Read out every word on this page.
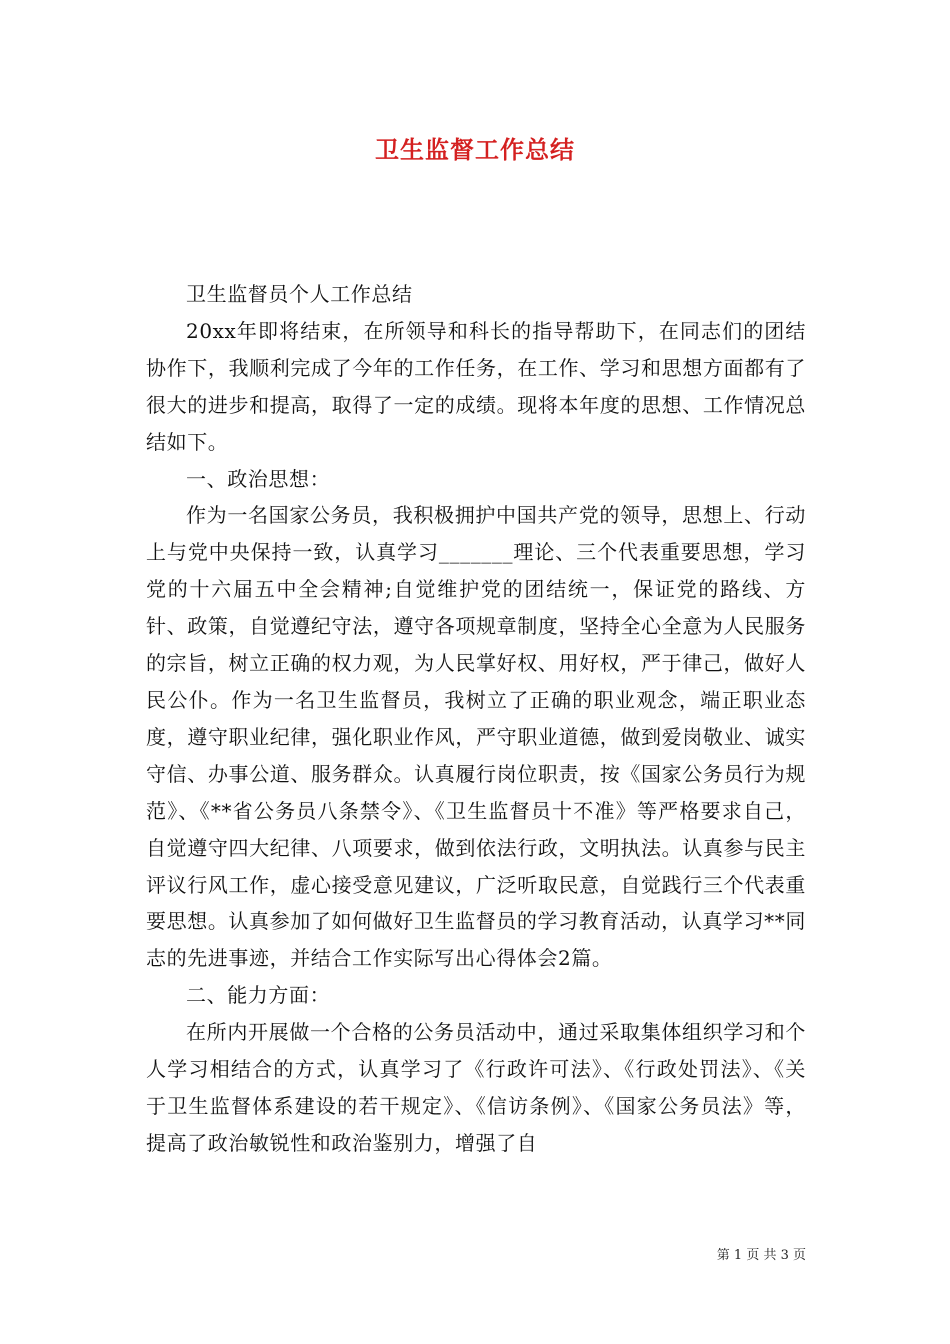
卫生监督工作总结

卫生监督员个人工作总结

20xx年即将结束，在所领导和科长的指导帮助下，在同志们的团结协作下，我顺利完成了今年的工作任务，在工作、学习和思想方面都有了很大的进步和提高，取得了一定的成绩。现将本年度的思想、工作情况总结如下。

一、政治思想：

作为一名国家公务员，我积极拥护中国共产党的领导，思想上、行动上与党中央保持一致，认真学习_______理论、三个代表重要思想，学习党的十六届五中全会精神;自觉维护党的团结统一，保证党的路线、方针、政策，自觉遵纪守法，遵守各项规章制度，坚持全心全意为人民服务的宗旨，树立正确的权力观，为人民掌好权、用好权，严于律己，做好人民公仆。作为一名卫生监督员，我树立了正确的职业观念，端正职业态度，遵守职业纪律，强化职业作风，严守职业道德，做到爱岗敬业、诚实守信、办事公道、服务群众。认真履行岗位职责，按《国家公务员行为规范》、《**省公务员八条禁令》、《卫生监督员十不准》等严格要求自己，自觉遵守四大纪律、八项要求，做到依法行政，文明执法。认真参与民主评议行风工作，虚心接受意见建议，广泛听取民意，自觉践行三个代表重要思想。认真参加了如何做好卫生监督员的学习教育活动，认真学习**同志的先进事迹，并结合工作实际写出心得体会2篇。

二、能力方面：

在所内开展做一个合格的公务员活动中，通过采取集体组织学习和个人学习相结合的方式，认真学习了《行政许可法》、《行政处罚法》、《关于卫生监督体系建设的若干规定》、《信访条例》、《国家公务员法》等，提高了政治敏锐性和政治鉴别力，增强了自

第 1 页 共 3 页
